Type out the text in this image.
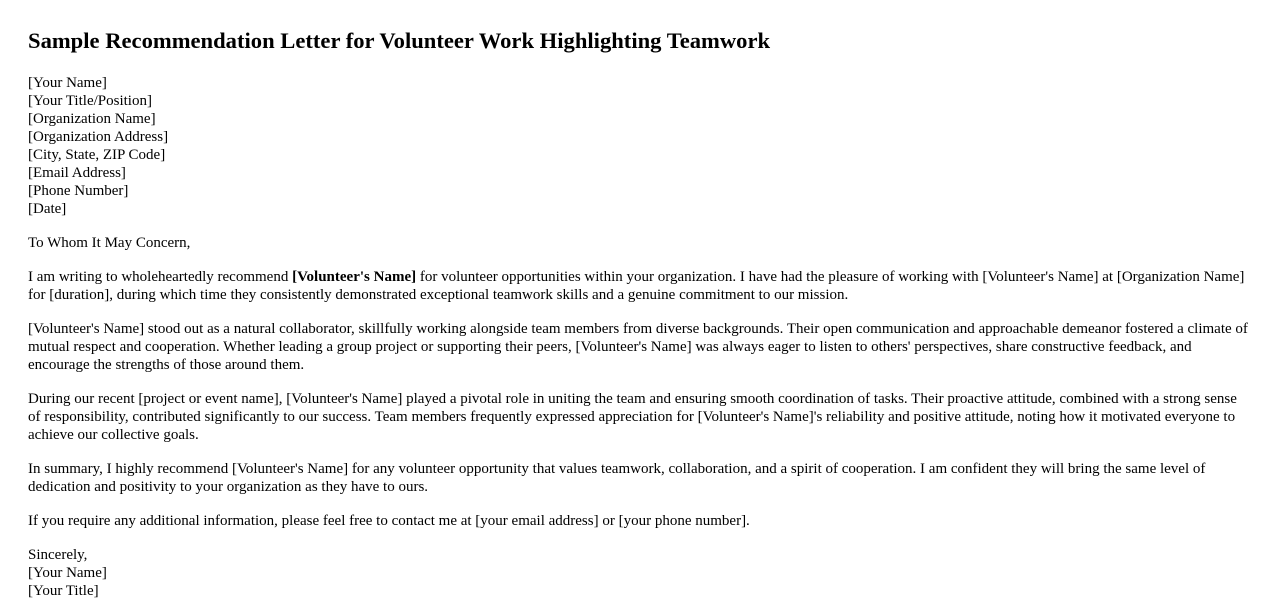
Sample Recommendation Letter for Volunteer Work Highlighting Teamwork
[Your Name]
[Your Title/Position]
[Organization Name]
[Organization Address]
[City, State, ZIP Code]
[Email Address]
[Phone Number]
[Date]

To Whom It May Concern,

I am writing to wholeheartedly recommend [Volunteer's Name] for volunteer opportunities within your organization. I have had the pleasure of working with [Volunteer's Name] at [Organization Name] for [duration], during which time they consistently demonstrated exceptional teamwork skills and a genuine commitment to our mission.

[Volunteer's Name] stood out as a natural collaborator, skillfully working alongside team members from diverse backgrounds. Their open communication and approachable demeanor fostered a climate of mutual respect and cooperation. Whether leading a group project or supporting their peers, [Volunteer's Name] was always eager to listen to others' perspectives, share constructive feedback, and encourage the strengths of those around them.

During our recent [project or event name], [Volunteer's Name] played a pivotal role in uniting the team and ensuring smooth coordination of tasks. Their proactive attitude, combined with a strong sense of responsibility, contributed significantly to our success. Team members frequently expressed appreciation for [Volunteer's Name]'s reliability and positive attitude, noting how it motivated everyone to achieve our collective goals.

In summary, I highly recommend [Volunteer's Name] for any volunteer opportunity that values teamwork, collaboration, and a spirit of cooperation. I am confident they will bring the same level of dedication and positivity to your organization as they have to ours.

If you require any additional information, please feel free to contact me at [your email address] or [your phone number].

Sincerely,
[Your Name]
[Your Title]
